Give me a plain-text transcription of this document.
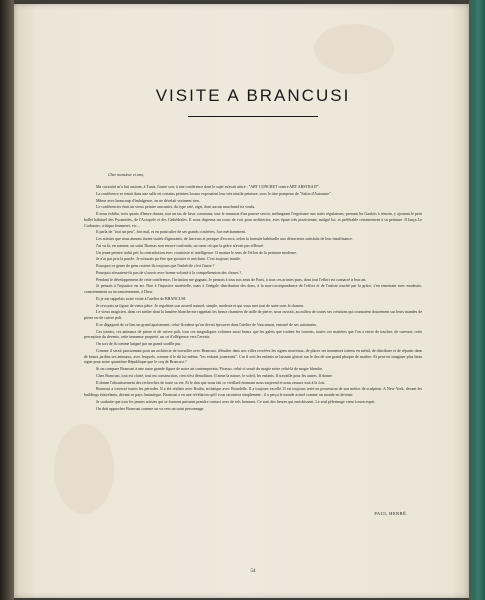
VISITE A BRANCUSI
Cher monsieur et ami,

Ma curiosité m'a fait assister, à Tunis, l'autre soir, à une conférence dont le sujet m'avait attiré : "ART CONCRET contre ART ABSTRAIT".

La conférence se tenait dans une salle où certains peintres locaux exposaient leur très inutile peinture, sous le titre pompeux de "Salon d'Automne".

Même avec beaucoup d'indulgence, on ne décelait vraiment rien.

Le conférencier était un vieux peintre rancunier, du type raté, aigri, dont aucun marchand n'a voulu.

Il nous exhiba, trois quarts d'heure durant, tout un tas de lieux communs, tout le ramassis d'un pauvre savoir, mélangeant l'ergotisme aux traits régulateurs, prenant les Gaulois à témoin, y ajoutant le petit ballet habituel des Pyramides, de l'Acropole et des Cathédrales. Il nous dispensa un cours de voir pour architectes, avec épure très pizzicienne, malgré lui, et préférable certainement à sa peinture. Il lança Le Corbusier, critiqua Jeanneret, etc...

Il parla de "tout un peu", fort mal, et en particulier de ses grands confrères, fort méchamment.

Les artistes que nous aimons furent traités d'ignorants, de farceurs et presque d'escrocs, selon la formule habituelle aux détracteurs satisfaits de leur insuffisance.

J'ai vu là, en somme, un saint Thomas non encore confondu, un cœur où que la grâce n'avait pas effleuré.

Un jeune peintre trahit prit la contradiction avec courtoisie et intelligence. Il montra le sens de l'effort de la peinture moderne.

Je n'ai pas pris la parole. Je m'aurais pu être que grossier et méchant. C'est toujours inutile.

Pourquoi ce genre de gens croient-ils toujours que l'imbécile c'est l'autre ?

Pourquoi n'essaient-ils pas de s'ouvrir avec bonne volonté à la compréhension des choses ?

Pendant le développement de cette conférence, l'irritation me gagnait. Je pensais à tous nos amis de Paris, à tous ces artistes purs, dont tout l'effort est consacré à leur art.

Je pensais à l'injustice en art. Non à l'injustice matérielle, mais à l'inégale distribution des dons, à la non-correspondance de l'effort et de l'artiste touché par la grâce, s'en remettant avec modestie, consciemment ou inconsciemment, à Dieu.

Et je me rappelais notre visite à l'atelier de BRANCUSI.

Je revoyais sa figure de vieux pâtre. Je regoûtais son accueil naturel, simple, modeste et qui vous met tout de suite sous le charme.

Le vieux magicien, dans cet atelier dont la lumière blanche me rappelait les beaux chantiers de taille de pierre, nous ouvrait, au milieu de toutes ses créations qui tournaient doucement sur leurs mandes de pierre ou de cuivre poli.

Il se dégageait de ce lieu un grand apaisement, celui-là même qu'on devait éprouver dans l'atelier de Vaucanson, entouré de ses automates.

Ces totems, ces animaux de pierre et de cuivre poli, tous ces magnifiques volumes aussi beaux que les galets que roulent les torrents, toutes ces matières que l'on a envie de toucher, de caresser, cette perception du devenir, cette immense propreté, un cri d'allégresse vers l'avenir.

On sort de là comme baigné par un grand souffle pur.

Comme il serait passionnant pour un architecte de travailler avec Brancusi, d'étudier dans nos villes recréées les signes nouveaux, de placer ses immenses totems en métal, de distribuer et de répartir dans de beaux jardins ses animaux, avec lesquels, comme il le dit lui-même, "les enfants joueraient". Car il voit les enfants se laissant glisser sur le dos de son grand phoque de marbre. Et peut-on imaginer plus beau signe pour notre quatrième République que le coq de Brancusi ?

Si on compare Brancusi à une autre grande figure de notre art contemporain, Picasso, celui-ci serait du magie noire celui-là de magie blanche.

Chez Brancusi, tout est clarté, tout est construction, rien n'est démolition. Il aime la nature, le soleil, les enfants. Il travaille pour les autres. Il donne.

Il donne l'aboutissement des recherches de toute sa vie. Et le don que nous fait ce vieillard étonnant nous surprend et nous rassure tout à la fois.

Brancusi a traversé toutes les périodes. Il a été réaliste avec Rodin, archaïque avec Bourdelle. Il a toujours excellé. Il est toujours resté en possession de son métier de sculpteur. A New-York, devant les buildings étincelants, devant ce pays fantastique, Brancusi a eu une révélation qu'il vous racontera simplement : il a perçu le monde actuel comme un monde en devenir.

Je souhaite que tous les jeunes artistes qui se forment puissent prendre contact avec de tels hommes. Ce sont des heures qui enrichissent. Le seul pèlerinage vient à mon esprit.

On doit approcher Brancusi comme on va vers un saint personnage.

PAUL HERBÉ.
54
